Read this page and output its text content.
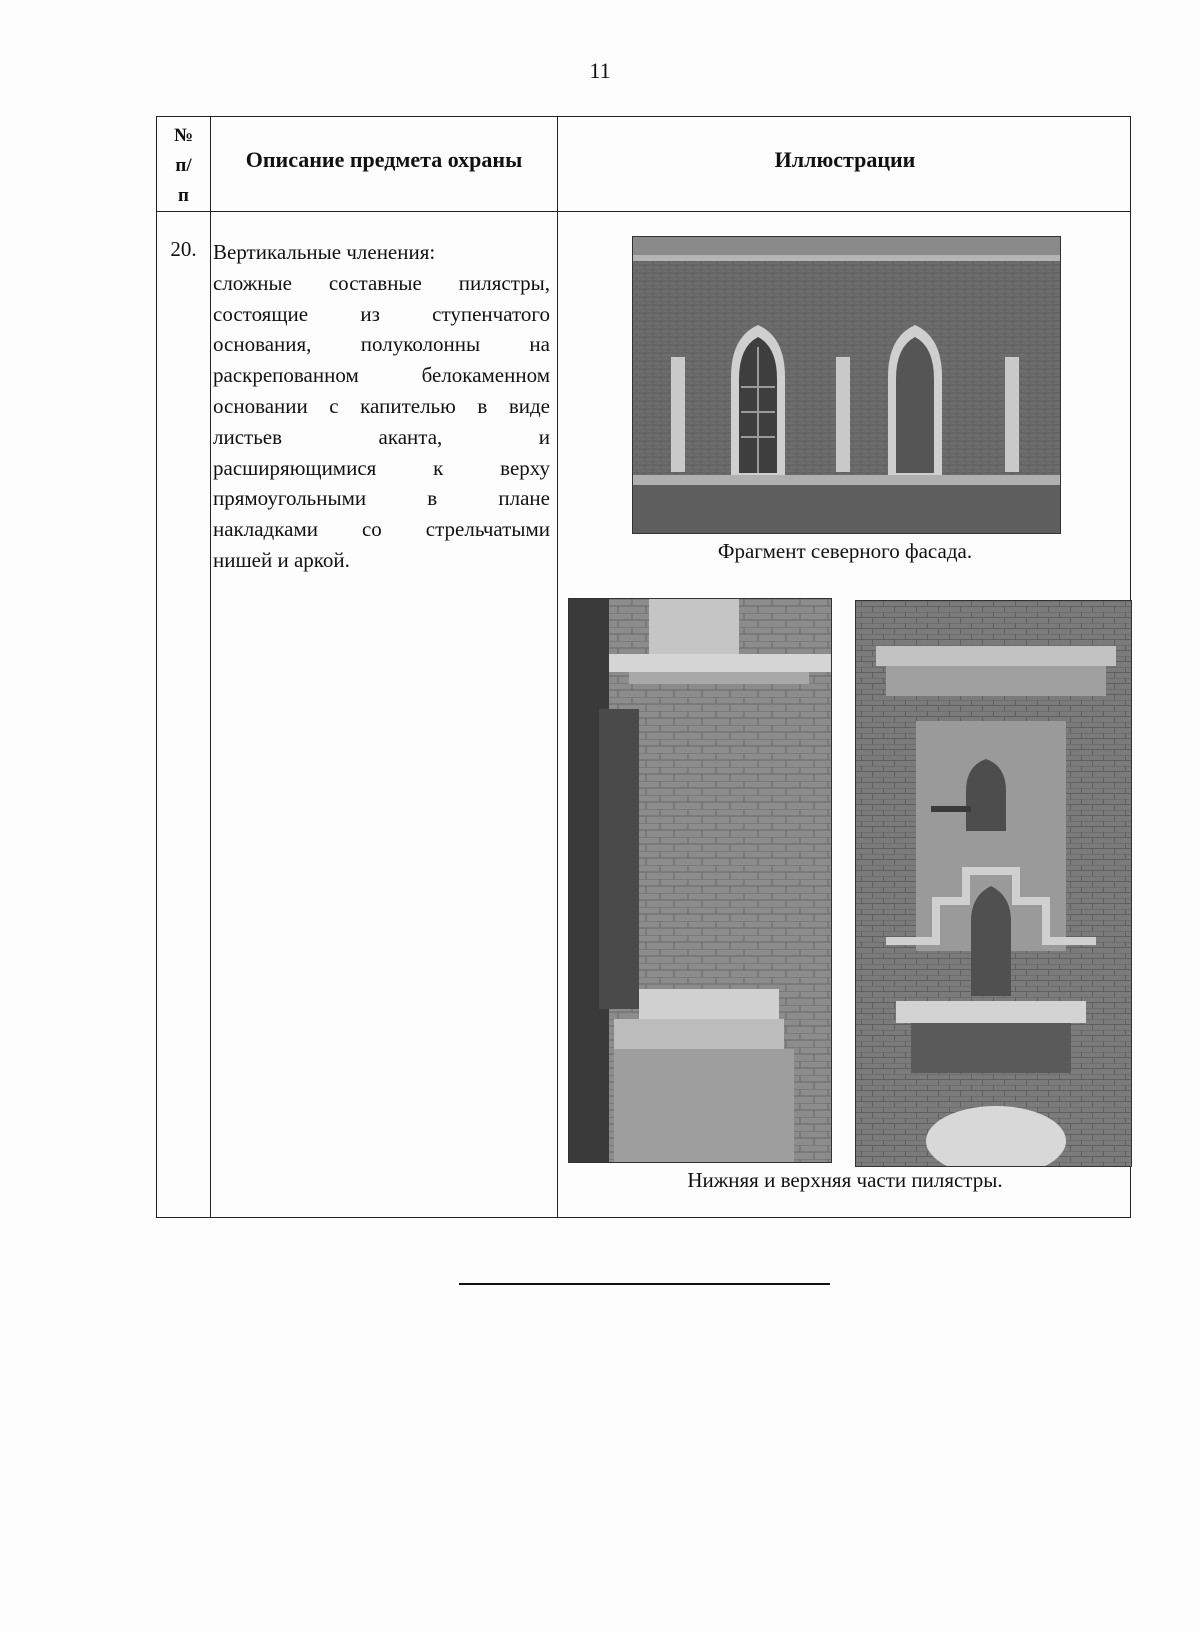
11
№
п/
п
Описание предмета охраны	Иллюстрации
20. Вертикальные членения:
сложные составные пилястры,
состоящие из ступенчатого
основания, полуколонны на
раскрепованном белокаменном
основании с капителью в виде
листьев аканта, и
расширяющимися к верху
прямоугольными в плане
накладками со стрельчатыми
нишей и аркой.	Фрагмент северного фасада.
Нижняя и верхняя части пилястры.
